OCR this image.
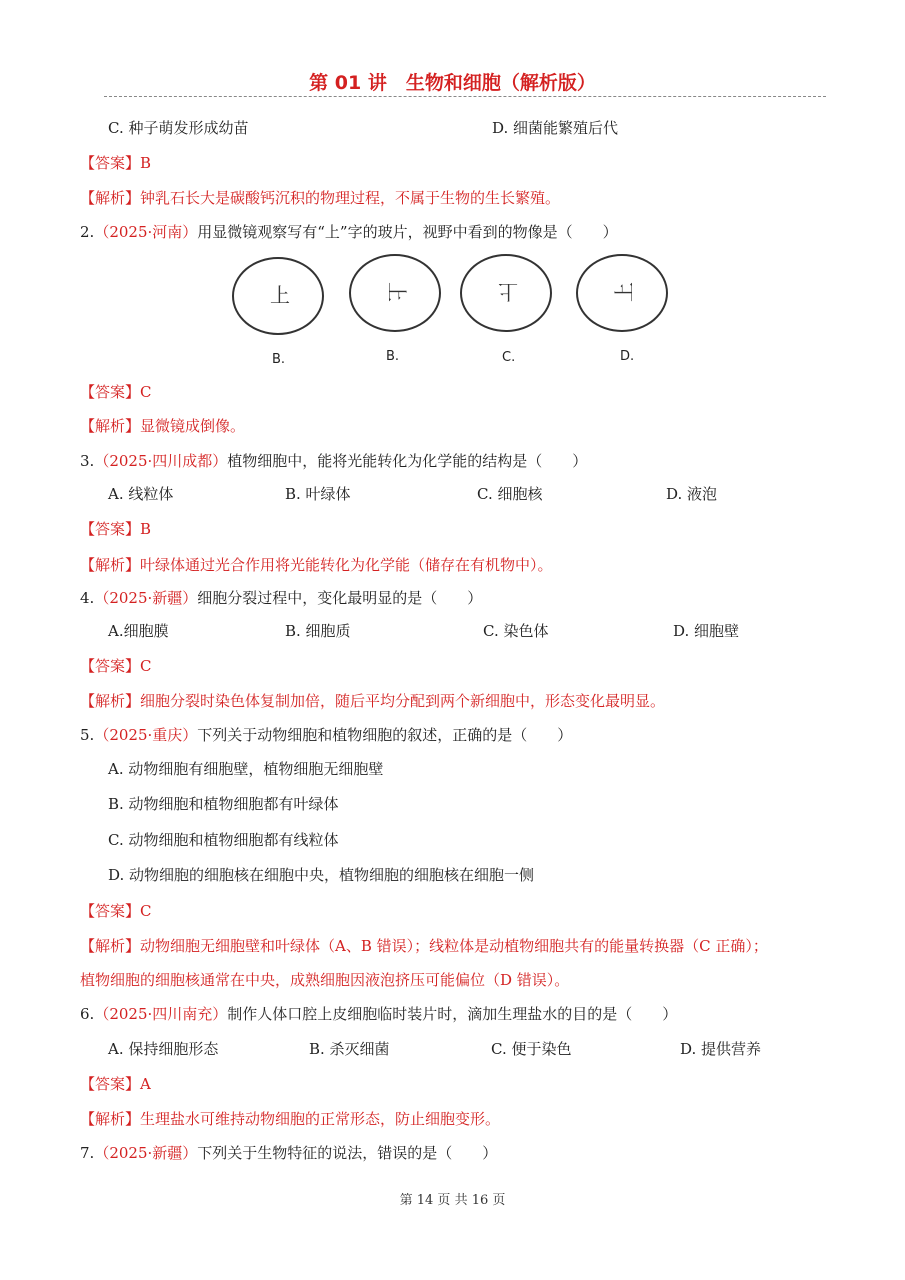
第 01 讲　生物和细胞（解析版）
C. 种子萌发形成幼苗	D. 细菌能繁殖后代
【答案】B
【解析】钟乳石长大是碳酸钙沉积的物理过程，不属于生物的生长繁殖。
2.（2025·河南）用显微镜观察写有“上”字的玻片，视野中看到的物像是（　　）
上	上	上	上
B.	B.	C.	D.
【答案】C
【解析】显微镜成倒像。
3.（2025·四川成都）植物细胞中，能将光能转化为化学能的结构是（　　）
A. 线粒体	B. 叶绿体	C. 细胞核	D. 液泡
【答案】B
【解析】叶绿体通过光合作用将光能转化为化学能（储存在有机物中）。
4.（2025·新疆）细胞分裂过程中，变化最明显的是（　　）
A.细胞膜	B. 细胞质	C. 染色体	D. 细胞壁
【答案】C
【解析】细胞分裂时染色体复制加倍，随后平均分配到两个新细胞中，形态变化最明显。
5.（2025·重庆）下列关于动物细胞和植物细胞的叙述，正确的是（　　）
A. 动物细胞有细胞壁，植物细胞无细胞壁
B. 动物细胞和植物细胞都有叶绿体
C. 动物细胞和植物细胞都有线粒体
D. 动物细胞的细胞核在细胞中央，植物细胞的细胞核在细胞一侧
【答案】C
【解析】动物细胞无细胞壁和叶绿体（A、B 错误）；线粒体是动植物细胞共有的能量转换器（C 正确）；
植物细胞的细胞核通常在中央，成熟细胞因液泡挤压可能偏位（D 错误）。
6.（2025·四川南充）制作人体口腔上皮细胞临时装片时，滴加生理盐水的目的是（　　）
A. 保持细胞形态	B. 杀灭细菌	C. 便于染色	D. 提供营养
【答案】A
【解析】生理盐水可维持动物细胞的正常形态，防止细胞变形。
7.（2025·新疆）下列关于生物特征的说法，错误的是（　　）
第 14 页 共 16 页
